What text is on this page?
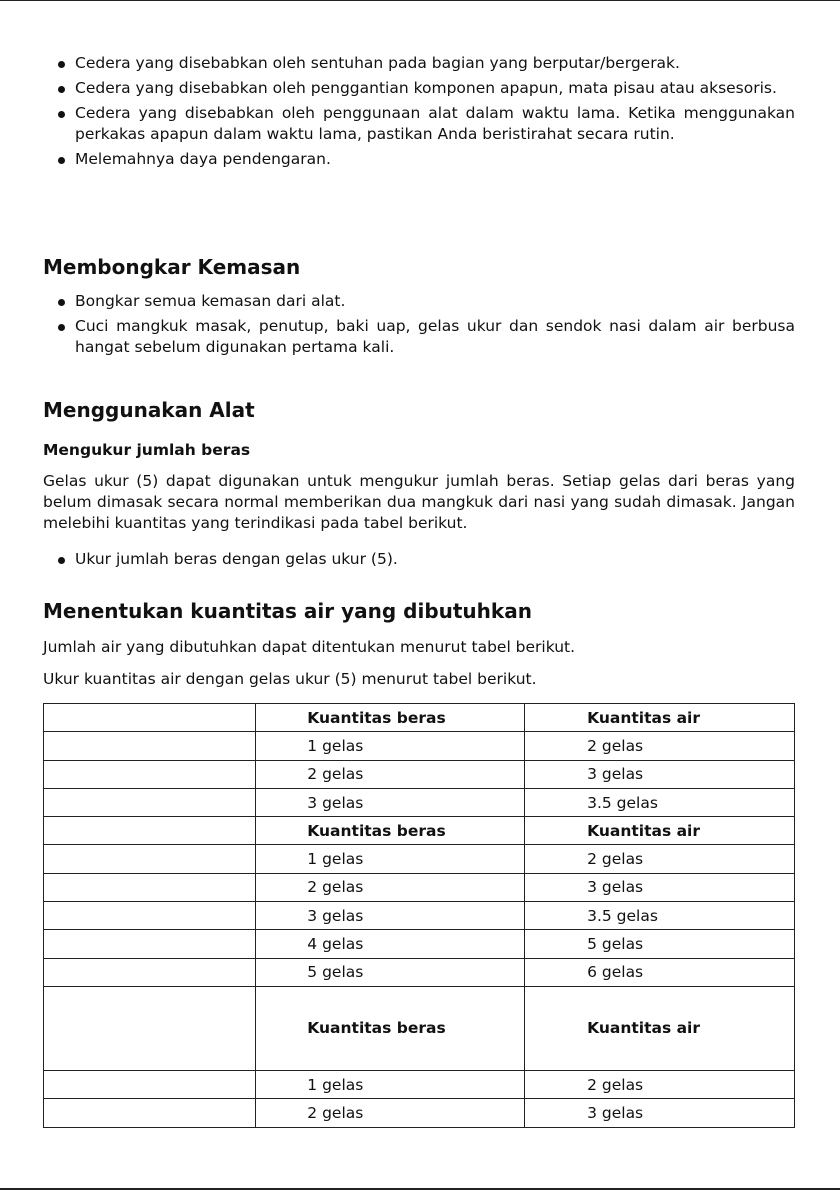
Cedera yang disebabkan oleh sentuhan pada bagian yang berputar/bergerak.
Cedera yang disebabkan oleh penggantian komponen apapun, mata pisau atau aksesoris.
Cedera yang disebabkan oleh penggunaan alat dalam waktu lama. Ketika menggunakan perkakas apapun dalam waktu lama, pastikan Anda beristirahat secara rutin.
Melemahnya daya pendengaran.
Membongkar Kemasan
Bongkar semua kemasan dari alat.
Cuci mangkuk masak, penutup, baki uap, gelas ukur dan sendok nasi dalam air berbusa hangat sebelum digunakan pertama kali.
Menggunakan Alat
Mengukur jumlah beras

Gelas ukur (5) dapat digunakan untuk mengukur jumlah beras. Setiap gelas dari beras yang belum dimasak secara normal memberikan dua mangkuk dari nasi yang sudah dimasak. Jangan melebihi kuantitas yang terindikasi pada tabel berikut.

Ukur jumlah beras dengan gelas ukur (5).
Menentukan kuantitas air yang dibutuhkan

Jumlah air yang dibutuhkan dapat ditentukan menurut tabel berikut.

Ukur kuantitas air dengan gelas ukur (5) menurut tabel berikut.

	Kuantitas beras	Kuantitas air
	1 gelas	2 gelas
	2 gelas	3 gelas
	3 gelas	3.5 gelas
	Kuantitas beras	Kuantitas air
	1 gelas	2 gelas
	2 gelas	3 gelas
	3 gelas	3.5 gelas
	4 gelas	5 gelas
	5 gelas	6 gelas
	Kuantitas beras	Kuantitas air
	1 gelas	2 gelas
	2 gelas	3 gelas
